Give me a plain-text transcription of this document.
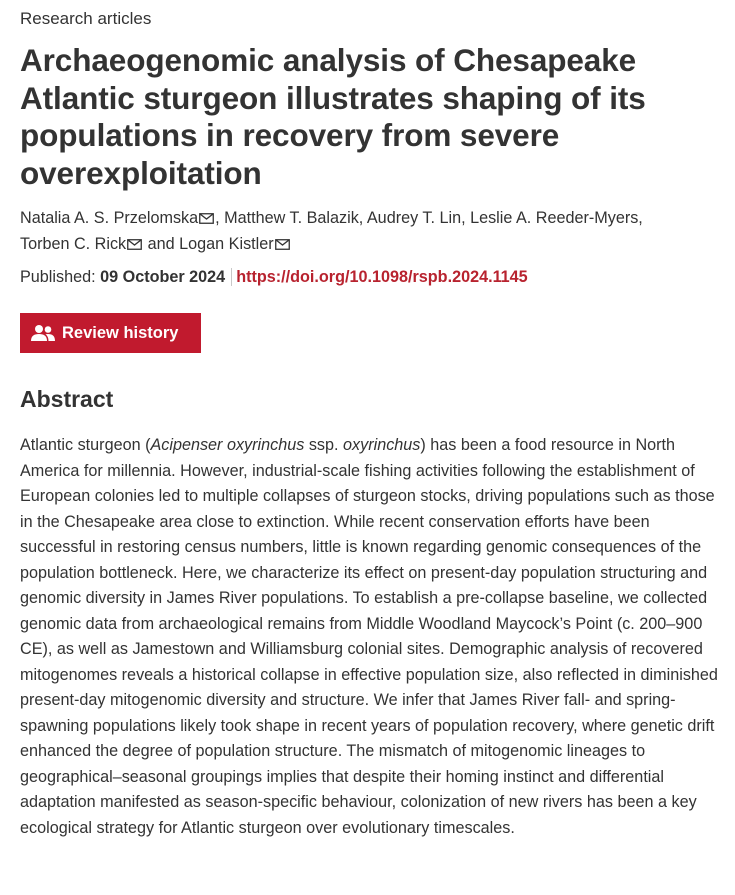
Research articles
Archaeogenomic analysis of Chesapeake Atlantic sturgeon illustrates shaping of its populations in recovery from severe overexploitation
Natalia A. S. Przelomska , Matthew T. Balazik, Audrey T. Lin, Leslie A. Reeder-Myers,
Torben C. Rick and Logan Kistler
Published: 09 October 2024 https://doi.org/10.1098/rspb.2024.1145
Review history
Abstract

Atlantic sturgeon (Acipenser oxyrinchus ssp. oxyrinchus) has been a food resource in North America for millennia. However, industrial-scale fishing activities following the establishment of European colonies led to multiple collapses of sturgeon stocks, driving populations such as those in the Chesapeake area close to extinction. While recent conservation efforts have been successful in restoring census numbers, little is known regarding genomic consequences of the population bottleneck. Here, we characterize its effect on present-day population structuring and genomic diversity in James River populations. To establish a pre-collapse baseline, we collected genomic data from archaeological remains from Middle Woodland Maycock’s Point (c. 200–900 CE), as well as Jamestown and Williamsburg colonial sites. Demographic analysis of recovered mitogenomes reveals a historical collapse in effective population size, also reflected in diminished present-day mitogenomic diversity and structure. We infer that James River fall- and spring-spawning populations likely took shape in recent years of population recovery, where genetic drift enhanced the degree of population structure. The mismatch of mitogenomic lineages to geographical–seasonal groupings implies that despite their homing instinct and differential adaptation manifested as season-specific behaviour, colonization of new rivers has been a key ecological strategy for Atlantic sturgeon over evolutionary timescales.
